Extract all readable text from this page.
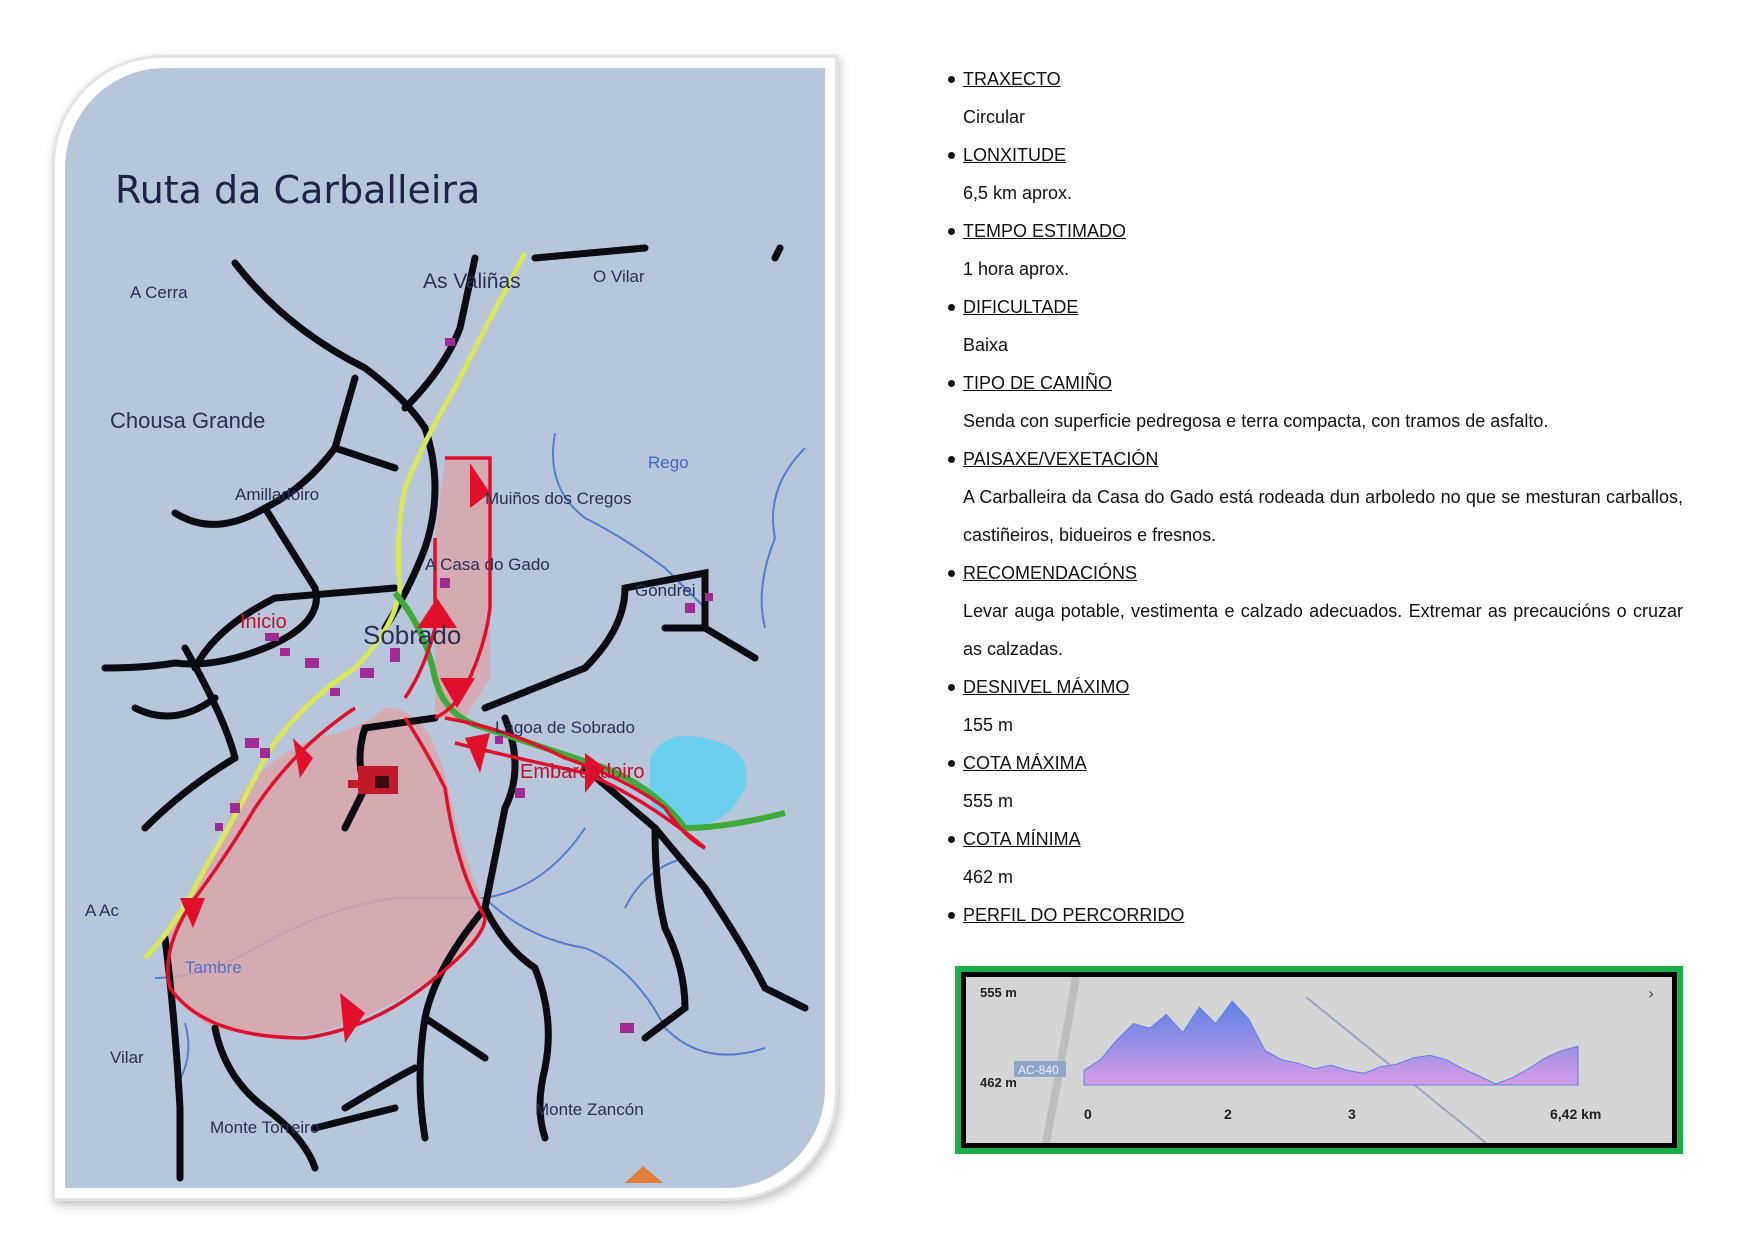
Ruta da Carballeira
A Cerra	As Valiñas	O Vilar
Chousa Grande
Rego
Amilladoiro	Muiños dos Cregos
A Casa do Gado
Gondrei
Inicio	Sobrado
Lagoa de Sobrado
Embarcadoiro
A Ac
Tambre
Vilar
Monte Torreiro
Monte Zancón
TRAXECTO
Circular
LONXITUDE
6,5 km aprox.
TEMPO ESTIMADO
1 hora aprox.
DIFICULTADE
Baixa
TIPO DE CAMIÑO
Senda con superficie pedregosa e terra compacta, con tramos de asfalto.
PAISAXE/VEXETACIÓN
A Carballeira da Casa do Gado está rodeada dun arboledo no que se mesturan carballos, castiñeiros, bidueiros e fresnos.
RECOMENDACIÓNS
Levar auga potable, vestimenta e calzado adecuados. Extremar as precaucións o cruzar as calzadas.
DESNIVEL MÁXIMO
155 m
COTA MÁXIMA
555 m
COTA MÍNIMA
462 m
PERFIL DO PERCORRIDO
AC-840
555 m
462 m
›
0	2	3	6,42 km
